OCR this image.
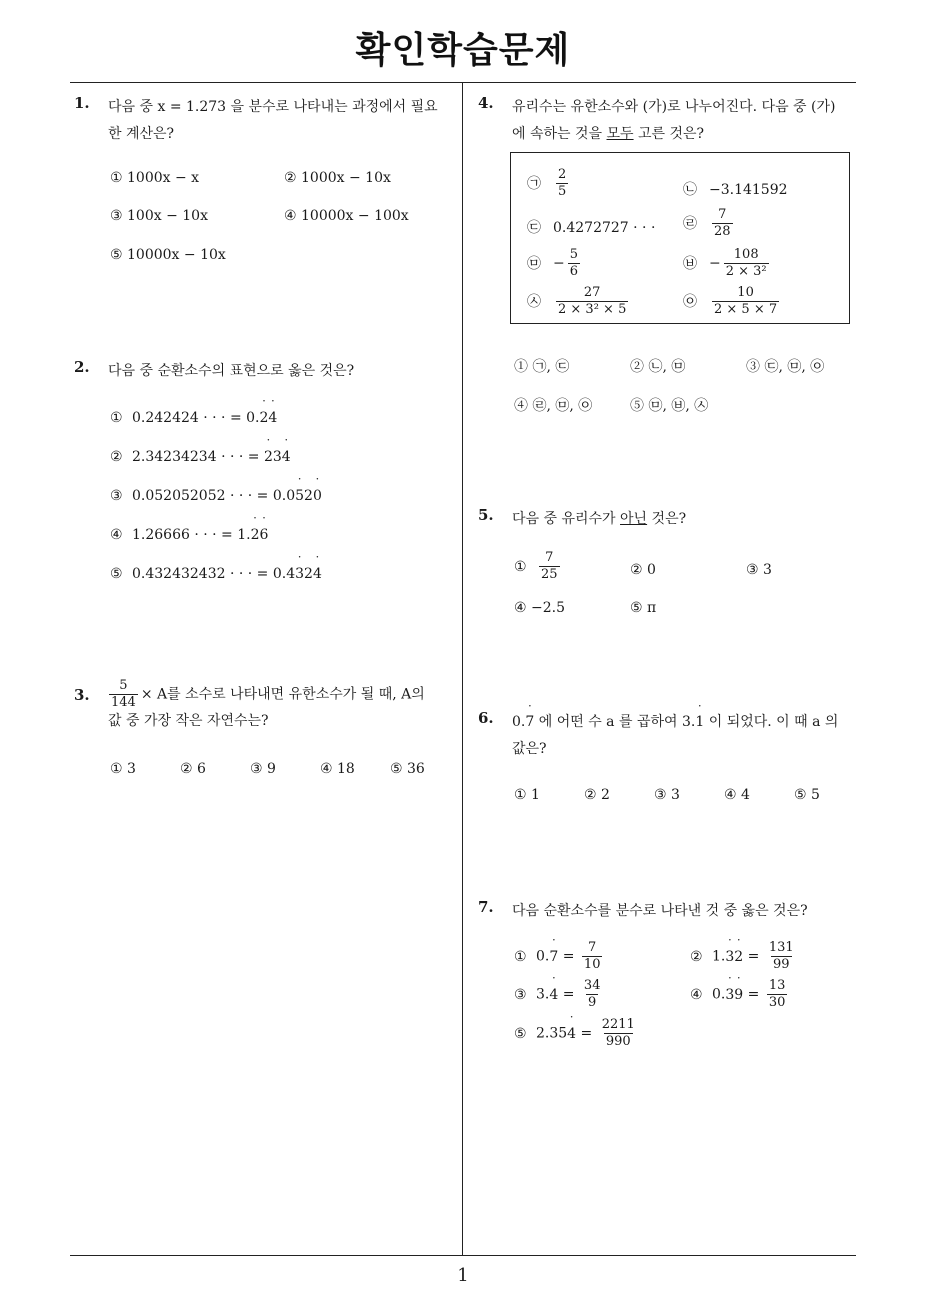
확인학습문제
1
1. 다음 중 x = 1.273 을 분수로 나타내는 과정에서 필요
한 계산은?
① 1000x − x	② 1000x − 10x
③ 100x − 10x	④ 10000x − 100x
⑤ 10000x − 10x
2. 다음 중 순환소수의 표현으로 옳은 것은?
① 0.242424 · · · = 0.2 ˙4 ˙
② 2.34234234 · · · = 2 ˙34 ˙
③ 0.052052052 · · · = 0.05 ˙20 ˙
④ 1.26666 · · · = 1.2 ˙6 ˙
⑤ 0.432432432 · · · = 0.43 ˙24 ˙
3. $\frac{5}{144} \times A$를 소수로 나타내면 유한소수가 될 때, A의
값 중 가장 작은 자연수는?
① 3	② 6	③ 9	④ 18	⑤ 36
4. 유리수는 유한소수와 (가)로 나누어진다. 다음 중 (가)
에 속하는 것을 모두 고른 것은?
㉠ $\frac{2}{5}$	㉡ −3.141592
㉢ 0.4272727 · · · ㉣ $\frac{7}{28}$
㉤ − $\frac{5}{6}$	㉥ − $\frac{108}{\text{2 × 3²}}$
㉦ $\frac{27}{\text{2 × 3² × 5}}$	㉧ $\frac{10}{2 \times 5 \times 7}$
① ㉠, ㉢	② ㉡, ㉤	③ ㉢, ㉤, ㉧
④ ㉣, ㉤, ㉧	⑤ ㉤, ㉥, ㉦
5. 다음 중 유리수가 아닌 것은?
① $\frac{7}{25}$	② 0	③ 3
④ −2.5	⑤ π
6. 0.7 ˙ 에 어떤 수 a 를 곱하여 3.1 ˙ 이 되었다. 이 때 a 의
값은?
① 1	② 2	③ 3	④ 4	⑤ 5
7. 다음 순환소수를 분수로 나타낸 것 중 옳은 것은?
① 0.7 ˙ = $\frac{7}{10}$	② 1.3 ˙2 ˙ = $\frac{131}{99}$
③ 3.4 ˙ = $\frac{34}{9}$	④ 0.3 ˙9 ˙ = $\frac{13}{30}$
⑤ 2.354 ˙ = $\frac{2211}{990}$
